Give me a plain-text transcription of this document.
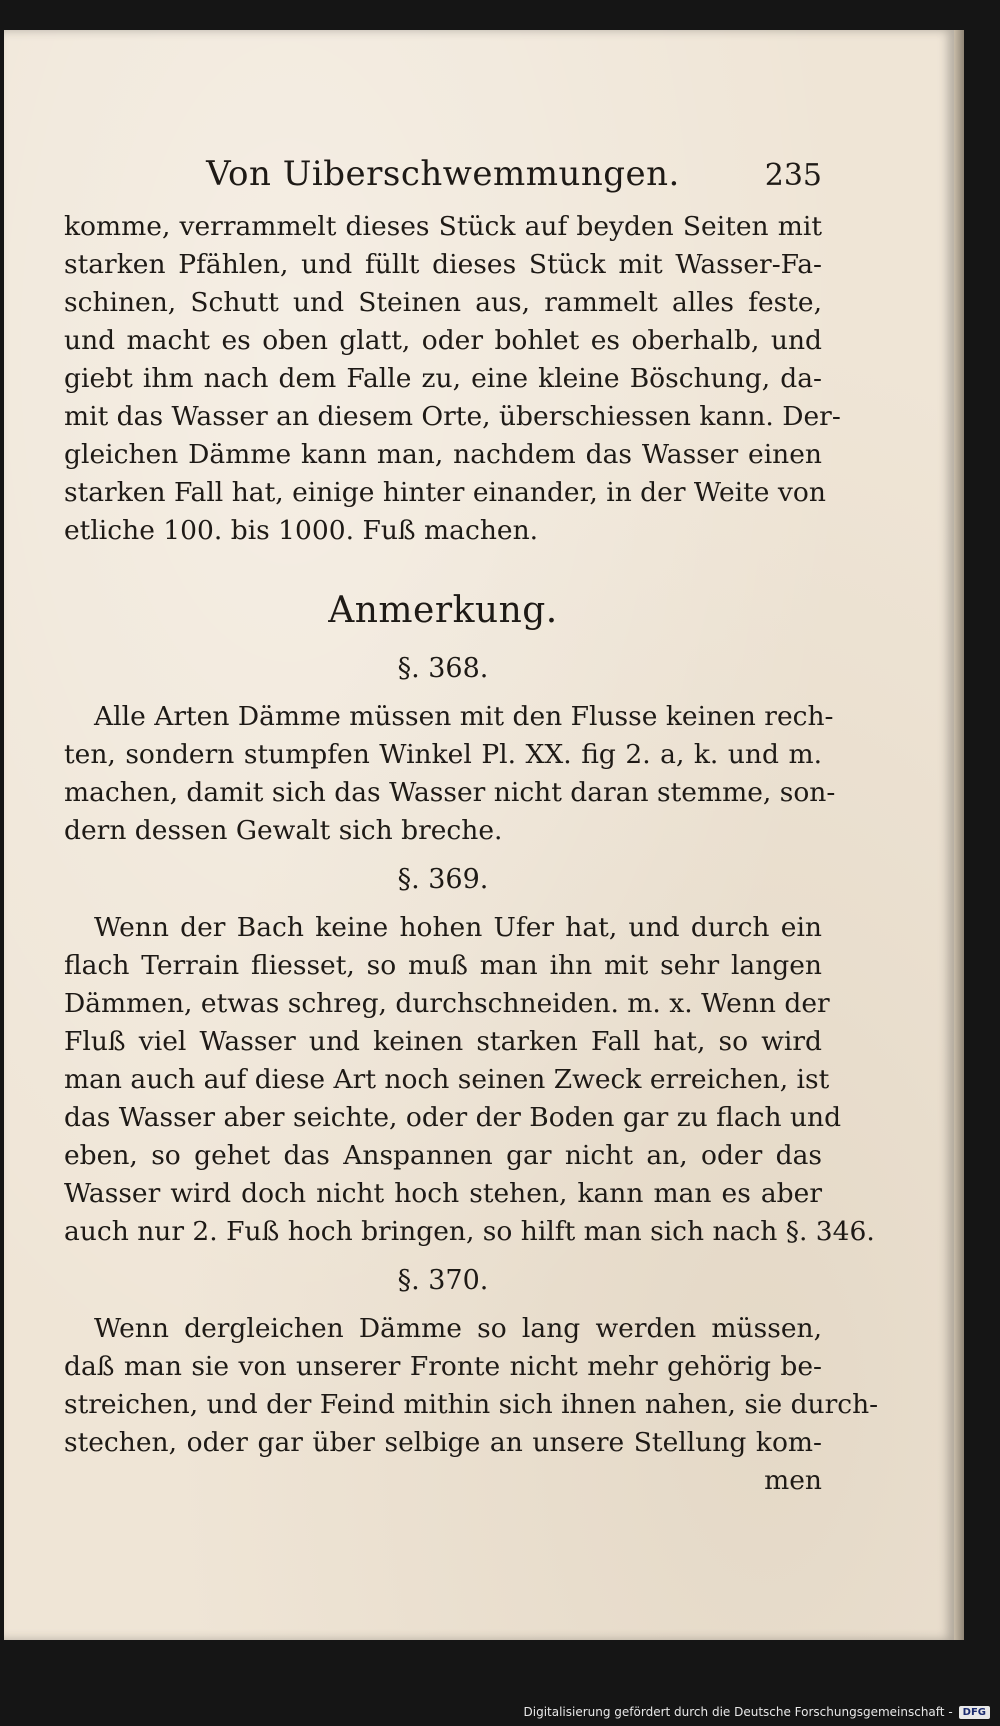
Von Uiberschwemmungen.	235

komme, verrammelt dieses Stück auf beyden Seiten mit

starken Pfählen, und füllt dieses Stück mit Wasser-Fa-

schinen, Schutt und Steinen aus, rammelt alles feste,

und macht es oben glatt, oder bohlet es oberhalb, und

giebt ihm nach dem Falle zu, eine kleine Böschung, da-

mit das Wasser an diesem Orte, überschiessen kann. Der-

gleichen Dämme kann man, nachdem das Wasser einen

starken Fall hat, einige hinter einander, in der Weite von

etliche 100. bis 1000. Fuß machen.

Anmerkung.
§. 368.

Alle Arten Dämme müssen mit den Flusse keinen rech-

ten, sondern stumpfen Winkel Pl. XX. fig 2. a, k. und m.

machen, damit sich das Wasser nicht daran stemme, son-

dern dessen Gewalt sich breche.

§. 369.

Wenn der Bach keine hohen Ufer hat, und durch ein

flach Terrain fliesset, so muß man ihn mit sehr langen

Dämmen, etwas schreg, durchschneiden. m. x. Wenn der

Fluß viel Wasser und keinen starken Fall hat, so wird

man auch auf diese Art noch seinen Zweck erreichen, ist

das Wasser aber seichte, oder der Boden gar zu flach und

eben, so gehet das Anspannen gar nicht an, oder das

Wasser wird doch nicht hoch stehen, kann man es aber

auch nur 2. Fuß hoch bringen, so hilft man sich nach §. 346.

§. 370.

Wenn dergleichen Dämme so lang werden müssen,

daß man sie von unserer Fronte nicht mehr gehörig be-

streichen, und der Feind mithin sich ihnen nahen, sie durch-

stechen, oder gar über selbige an unsere Stellung kom-

men
Digitalisierung gefördert durch die Deutsche Forschungsgemeinschaft -	DFG
